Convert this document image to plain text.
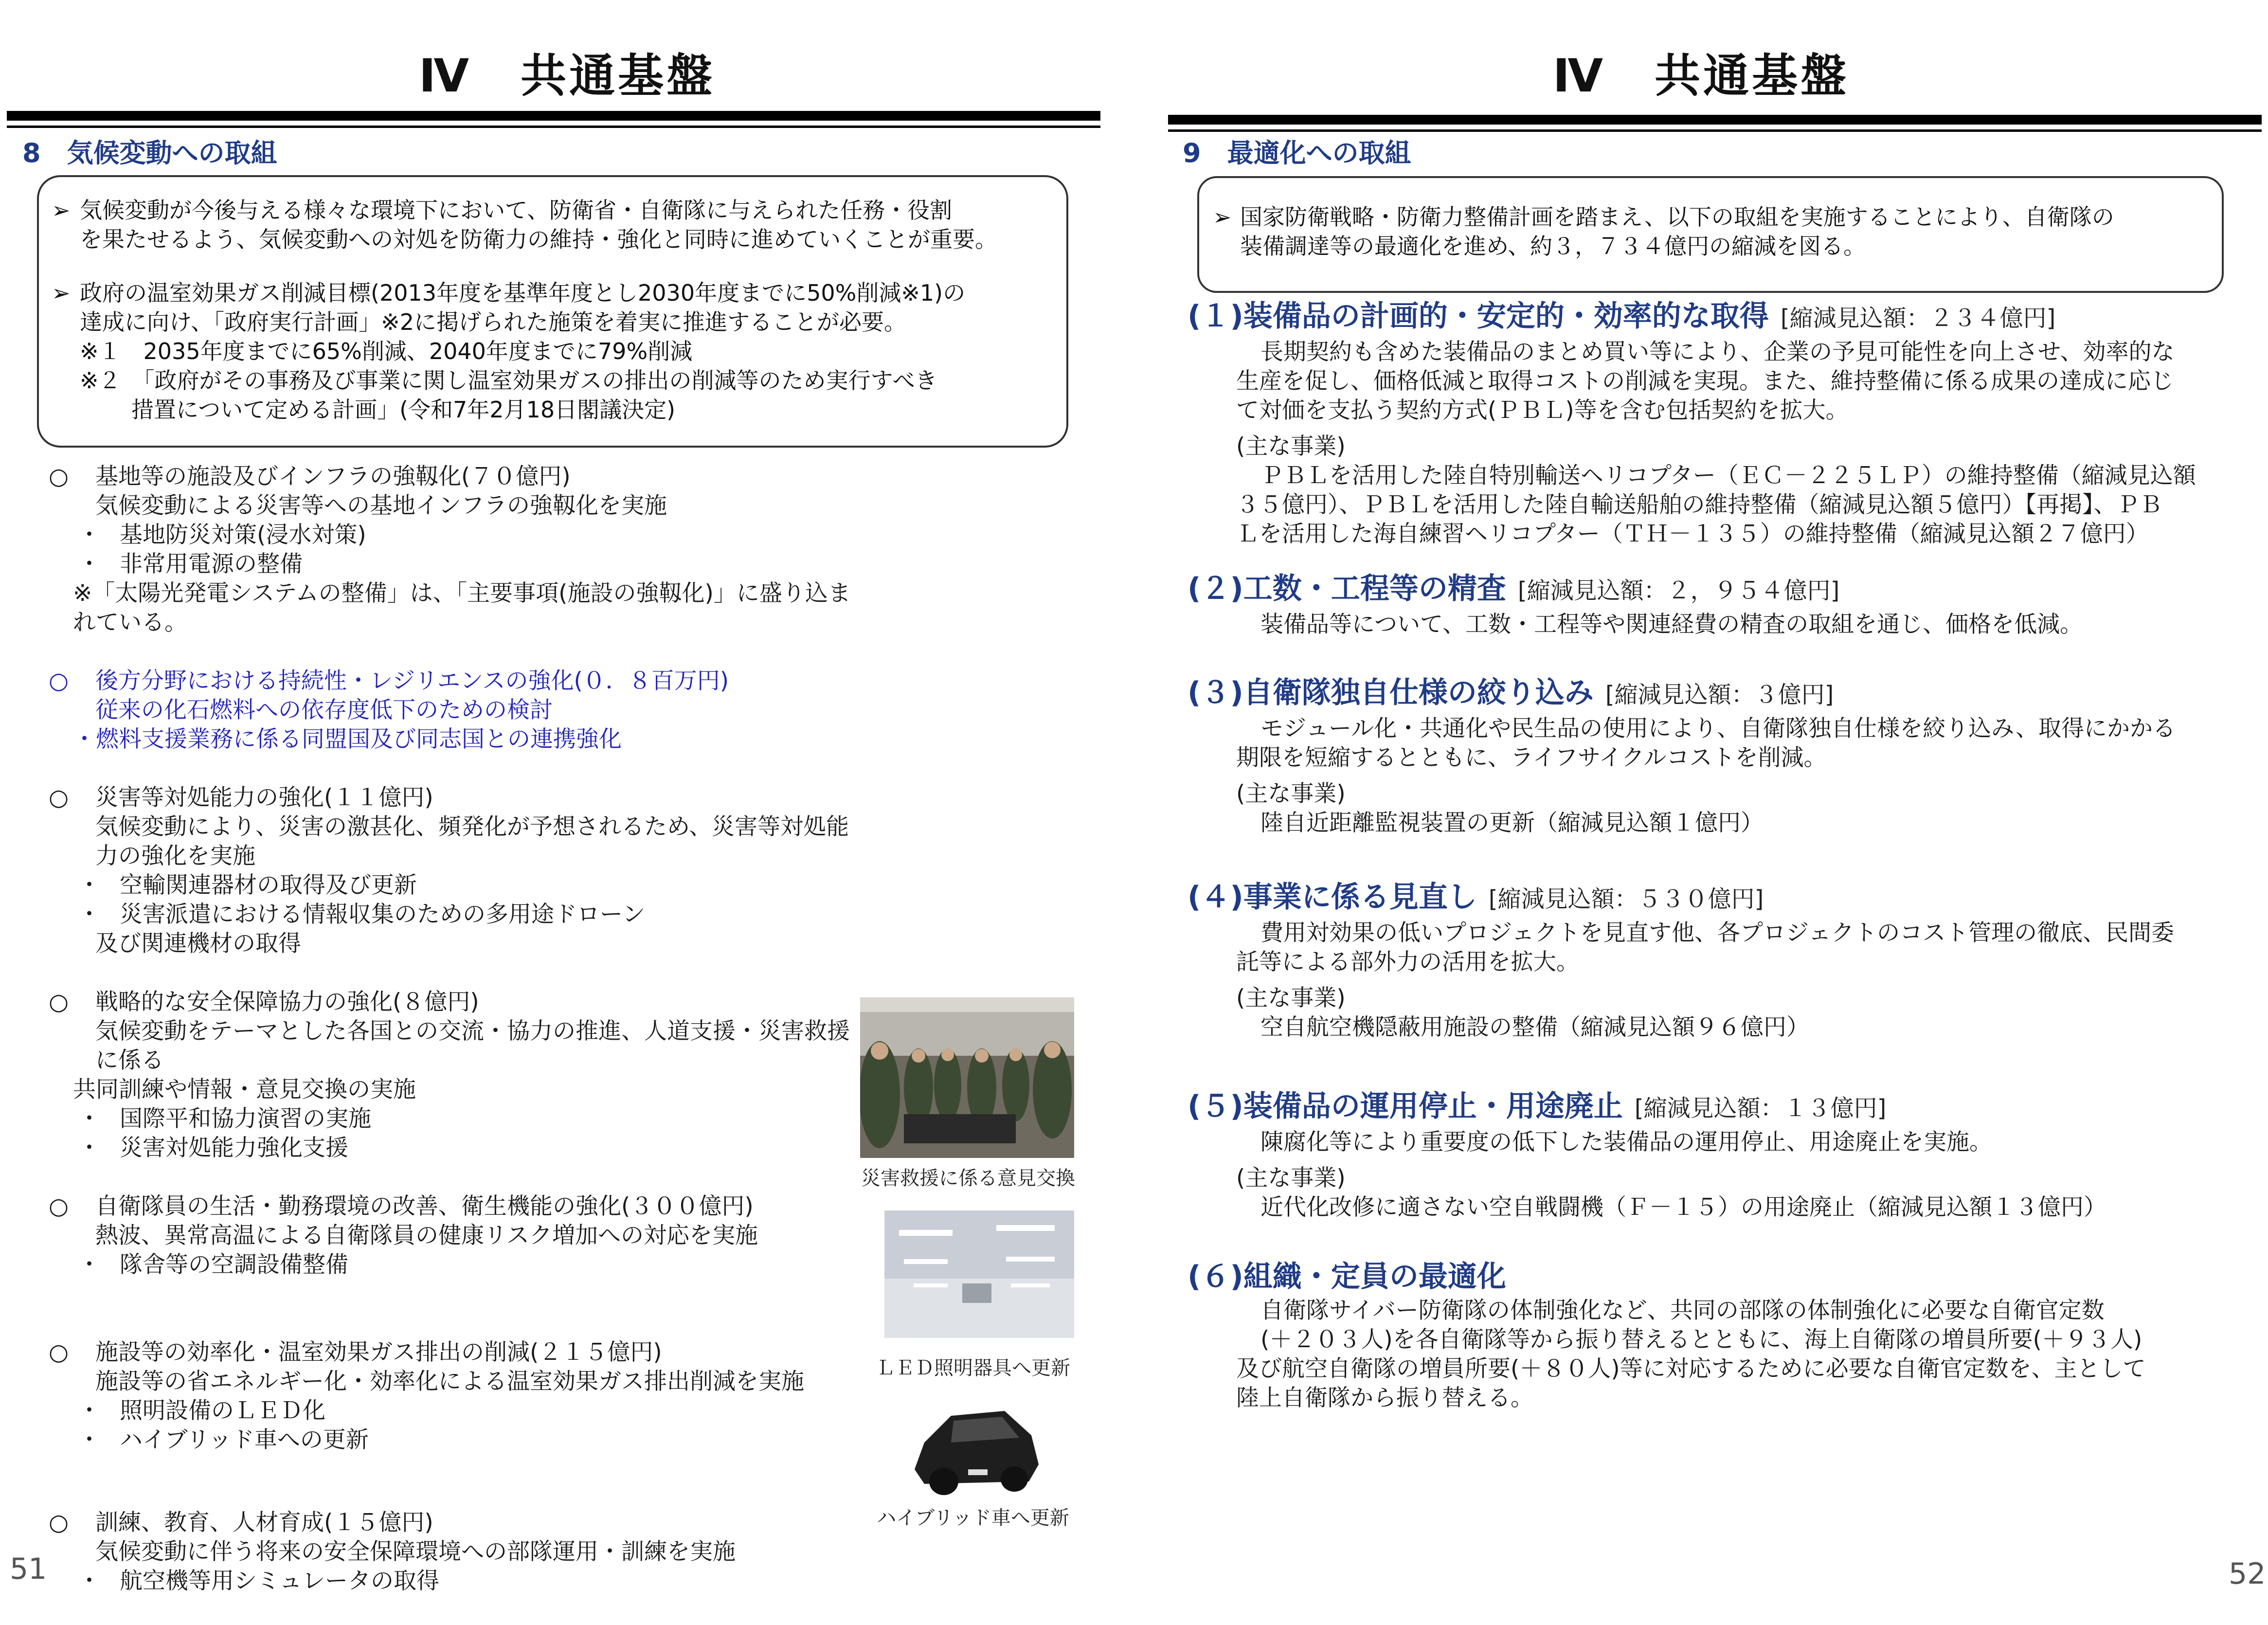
Ⅳ　共通基盤
8　気候変動への取組
➢ 気候変動が今後与える様々な環境下において、防衛省・自衛隊に与えられた任務・役割
を果たせるよう、気候変動への対処を防衛力の維持・強化と同時に進めていくことが重要。
➢ 政府の温室効果ガス削減目標(2013年度を基準年度とし2030年度までに50%削減※1)の
達成に向け、「政府実行計画」※2に掲げられた施策を着実に推進することが必要。
※１　2035年度までに65%削減、2040年度までに79%削減
※２　「政府がその事務及び事業に関し温室効果ガスの排出の削減等のため実行すべき
措置について定める計画」(令和7年2月18日閣議決定)
○ 基地等の施設及びインフラの強靱化(７０億円)
気候変動による災害等への基地インフラの強靱化を実施
・ 基地防災対策(浸水対策)
・ 非常用電源の整備
※「太陽光発電システムの整備」は、「主要事項(施設の強靱化)」に盛り込まれている。
○ 後方分野における持続性・レジリエンスの強化(０．８百万円)
従来の化石燃料への依存度低下のための検討
・燃料支援業務に係る同盟国及び同志国との連携強化
○ 災害等対処能力の強化(１１億円)
気候変動により、災害の激甚化、頻発化が予想されるため、災害等対処能力の強化を実施
・ 空輸関連器材の取得及び更新
・ 災害派遣における情報収集のための多用途ドローン
及び関連機材の取得
○ 戦略的な安全保障協力の強化(８億円)
気候変動をテーマとした各国との交流・協力の推進、人道支援・災害救援に係る
共同訓練や情報・意見交換の実施
・ 国際平和協力演習の実施
・ 災害対処能力強化支援
○ 自衛隊員の生活・勤務環境の改善、衛生機能の強化(３００億円)
熱波、異常高温による自衛隊員の健康リスク増加への対応を実施
・ 隊舎等の空調設備整備
○ 施設等の効率化・温室効果ガス排出の削減(２１５億円)
施設等の省エネルギー化・効率化による温室効果ガス排出削減を実施
・ 照明設備のＬＥＤ化
・ ハイブリッド車への更新
○ 訓練、教育、人材育成(１５億円)
気候変動に伴う将来の安全保障環境への部隊運用・訓練を実施
・ 航空機等用シミュレータの取得
災害救援に係る意見交換
ＬＥＤ照明器具へ更新
ハイブリッド車へ更新
51
Ⅳ　共通基盤
9　最適化への取組
➢ 国家防衛戦略・防衛力整備計画を踏まえ、以下の取組を実施することにより、自衛隊の
装備調達等の最適化を進め、約３，７３４億円の縮減を図る。
(１)装備品の計画的・安定的・効率的な取得 [縮減見込額：２３４億円]
長期契約も含めた装備品のまとめ買い等により、企業の予見可能性を向上させ、効率的な
生産を促し、価格低減と取得コストの削減を実現。また、維持整備に係る成果の達成に応じ
て対価を支払う契約方式(ＰＢＬ)等を含む包括契約を拡大。
(主な事業)
ＰＢＬを活用した陸自特別輸送ヘリコプター（ＥＣ－２２５ＬＰ）の維持整備（縮減見込額
３５億円）、ＰＢＬを活用した陸自輸送船舶の維持整備（縮減見込額５億円）【再掲】、ＰＢ
Ｌを活用した海自練習ヘリコプター（ＴＨ－１３５）の維持整備（縮減見込額２７億円）
(２)工数・工程等の精査 [縮減見込額：２，９５４億円]
装備品等について、工数・工程等や関連経費の精査の取組を通じ、価格を低減。
(３)自衛隊独自仕様の絞り込み [縮減見込額：３億円]
モジュール化・共通化や民生品の使用により、自衛隊独自仕様を絞り込み、取得にかかる
期限を短縮するとともに、ライフサイクルコストを削減。
(主な事業)
陸自近距離監視装置の更新（縮減見込額１億円）
(４)事業に係る見直し [縮減見込額：５３０億円]
費用対効果の低いプロジェクトを見直す他、各プロジェクトのコスト管理の徹底、民間委
託等による部外力の活用を拡大。
(主な事業)
空自航空機隠蔽用施設の整備（縮減見込額９６億円）
(５)装備品の運用停止・用途廃止 [縮減見込額：１３億円]
陳腐化等により重要度の低下した装備品の運用停止、用途廃止を実施。
(主な事業)
近代化改修に適さない空自戦闘機（Ｆ－１５）の用途廃止（縮減見込額１３億円）
(６)組織・定員の最適化
自衛隊サイバー防衛隊の体制強化など、共同の部隊の体制強化に必要な自衛官定数
(＋２０３人)を各自衛隊等から振り替えるとともに、海上自衛隊の増員所要(＋９３人)
及び航空自衛隊の増員所要(＋８０人)等に対応するために必要な自衛官定数を、主として
陸上自衛隊から振り替える。
52
